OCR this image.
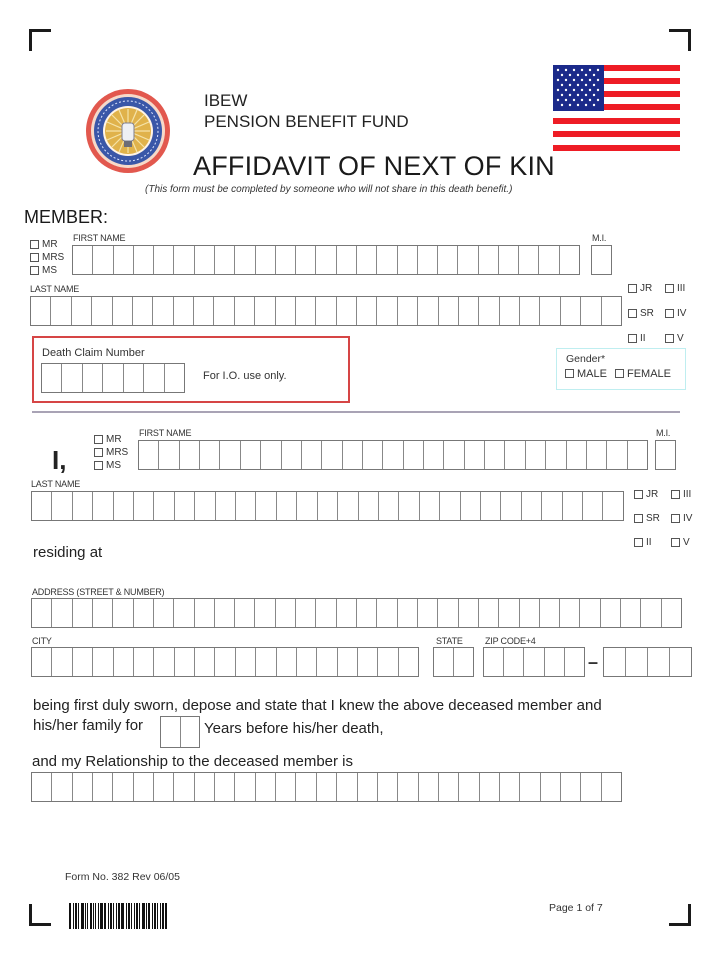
IBEW
PENSION BENEFIT FUND
AFFIDAVIT OF NEXT OF KIN
(This form must be completed by someone who will not share in this death benefit.)
MEMBER:
MR
MRS
MS
FIRST NAME	M.I.
LAST NAME	JR III
SR IV
II	V
Death Claim Number
For I.O. use only.
Gender*
MALE FEMALE
I,
MR
MRS
MS
FIRST NAME	M.I.
LAST NAME
JR III
SR IV
II	V
residing at
ADDRESS (STREET & NUMBER)
CITY	STATE ZIP CODE+4
–
being first duly sworn, depose and state that I knew the above deceased member and
his/her family for	Years before his/her death,
and my Relationship to the deceased member is
Form No. 382 Rev 06/05
Page 1 of 7
